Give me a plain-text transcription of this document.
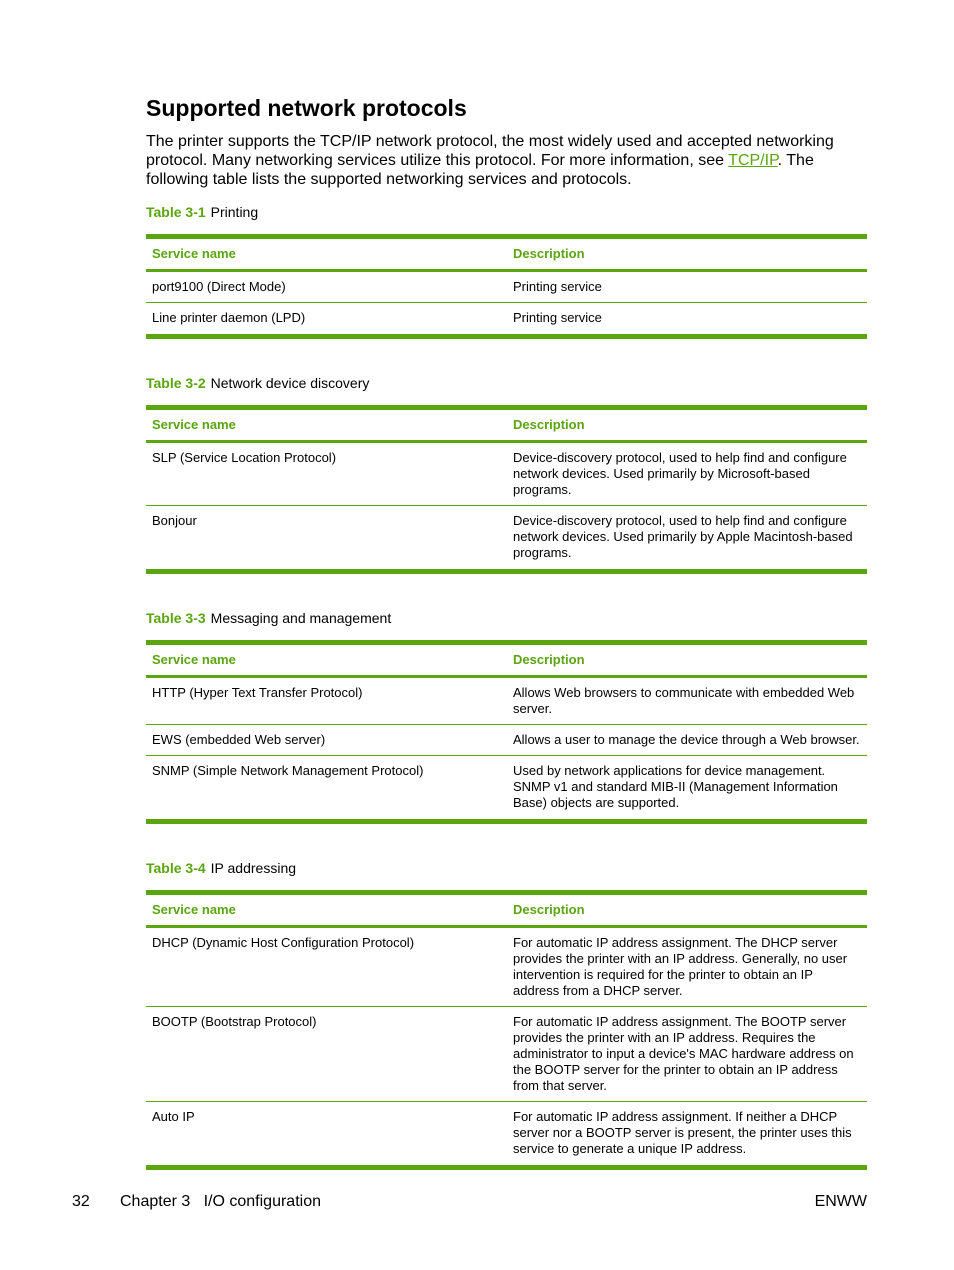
Supported network protocols

The printer supports the TCP/IP network protocol, the most widely used and accepted networking protocol. Many networking services utilize this protocol. For more information, see TCP/IP. The following table lists the supported networking services and protocols.

Table 3-1 Printing
Service name	Description
port9100 (Direct Mode)	Printing service
Line printer daemon (LPD)	Printing service
Table 3-2 Network device discovery
Service name	Description
SLP (Service Location Protocol)	Device-discovery protocol, used to help find and configure network devices. Used primarily by Microsoft-based programs.
Bonjour	Device-discovery protocol, used to help find and configure network devices. Used primarily by Apple Macintosh-based programs.
Table 3-3 Messaging and management
Service name	Description
HTTP (Hyper Text Transfer Protocol)	Allows Web browsers to communicate with embedded Web server.
EWS (embedded Web server)	Allows a user to manage the device through a Web browser.
SNMP (Simple Network Management Protocol)	Used by network applications for device management. SNMP v1 and standard MIB-II (Management Information Base) objects are supported.
Table 3-4 IP addressing
Service name	Description
DHCP (Dynamic Host Configuration Protocol)	For automatic IP address assignment. The DHCP server provides the printer with an IP address. Generally, no user intervention is required for the printer to obtain an IP address from a DHCP server.
BOOTP (Bootstrap Protocol)	For automatic IP address assignment. The BOOTP server provides the printer with an IP address. Requires the administrator to input a device's MAC hardware address on the BOOTP server for the printer to obtain an IP address from that server.
Auto IP	For automatic IP address assignment. If neither a DHCP server nor a BOOTP server is present, the printer uses this service to generate a unique IP address.
32 Chapter 3   I/O configuration	ENWW
